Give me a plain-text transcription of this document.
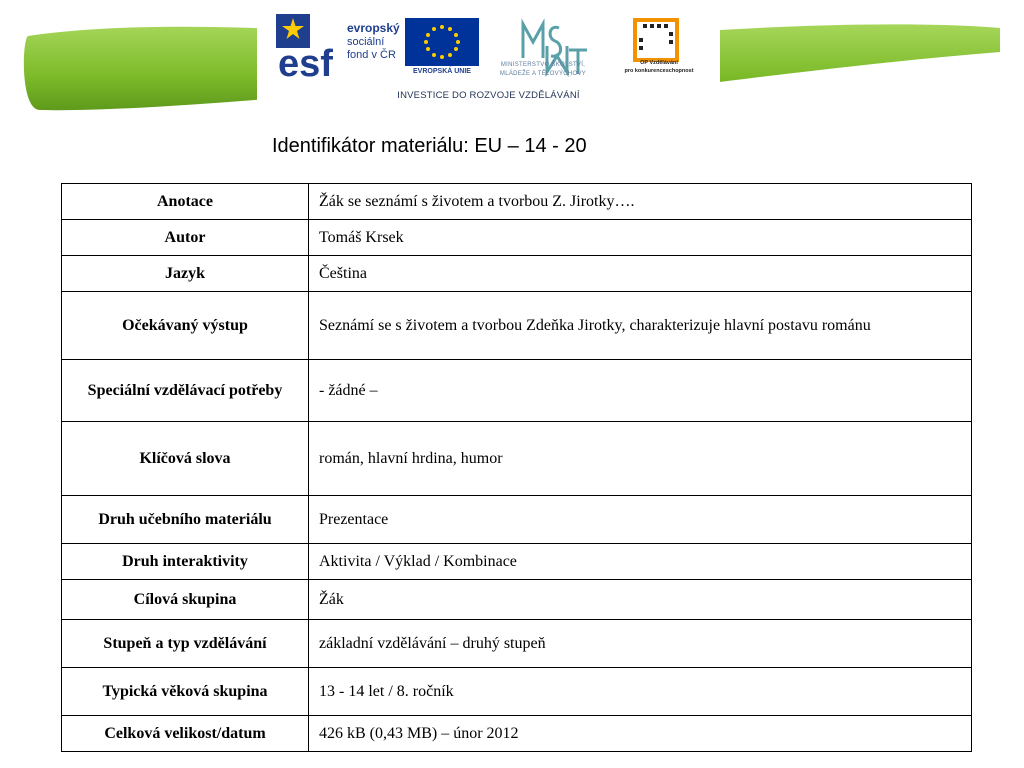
esf
evropský
sociální
fond v ČR
EVROPSKÁ UNIE
MINISTERSTVO ŠKOLSTVÍ,
MLÁDEŽE A TĚLOVÝCHOVY
OP Vzdělávání
pro konkurenceschopnost
INVESTICE DO ROZVOJE VZDĚLÁVÁNÍ
Identifikátor materiálu: EU – 14 - 20
Anotace	Žák se seznámí s životem a tvorbou Z. Jirotky….
Autor	Tomáš Krsek
Jazyk	Čeština
Očekávaný výstup	Seznámí se s životem a tvorbou Zdeňka Jirotky, charakterizuje hlavní postavu románu
Speciální vzdělávací potřeby	- žádné –
Klíčová slova	román, hlavní hrdina, humor
Druh učebního materiálu	Prezentace
Druh interaktivity	Aktivita / Výklad / Kombinace
Cílová skupina	Žák
Stupeň a typ vzdělávání	základní vzdělávání – druhý stupeň
Typická věková skupina	13 - 14 let / 8. ročník
Celková velikost/datum	426 kB (0,43 MB) – únor 2012
